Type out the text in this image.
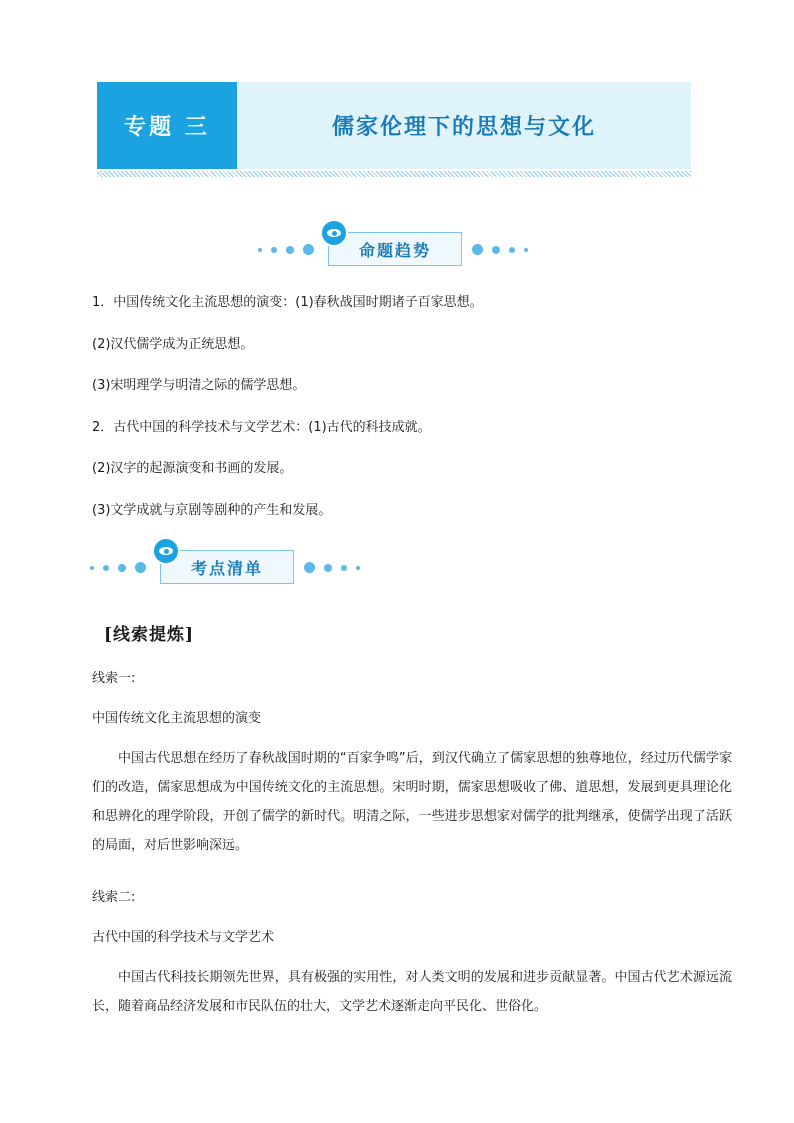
专题 三	儒家伦理下的思想与文化
命题趋势
1．中国传统文化主流思想的演变：(1)春秋战国时期诸子百家思想。
(2)汉代儒学成为正统思想。
(3)宋明理学与明清之际的儒学思想。
2．古代中国的科学技术与文学艺术：(1)古代的科技成就。
(2)汉字的起源演变和书画的发展。
(3)文学成就与京剧等剧种的产生和发展。
考点清单
[线索提炼]
线索一:
中国传统文化主流思想的演变
中国古代思想在经历了春秋战国时期的“百家争鸣”后，到汉代确立了儒家思想的独尊地位，经过历代儒学家们的改造，儒家思想成为中国传统文化的主流思想。宋明时期，儒家思想吸收了佛、道思想，发展到更具理论化和思辨化的理学阶段，开创了儒学的新时代。明清之际，一些进步思想家对儒学的批判继承，使儒学出现了活跃的局面，对后世影响深远。
线索二:
古代中国的科学技术与文学艺术
中国古代科技长期领先世界，具有极强的实用性，对人类文明的发展和进步贡献显著。中国古代艺术源远流长，随着商品经济发展和市民队伍的壮大，文学艺术逐渐走向平民化、世俗化。
